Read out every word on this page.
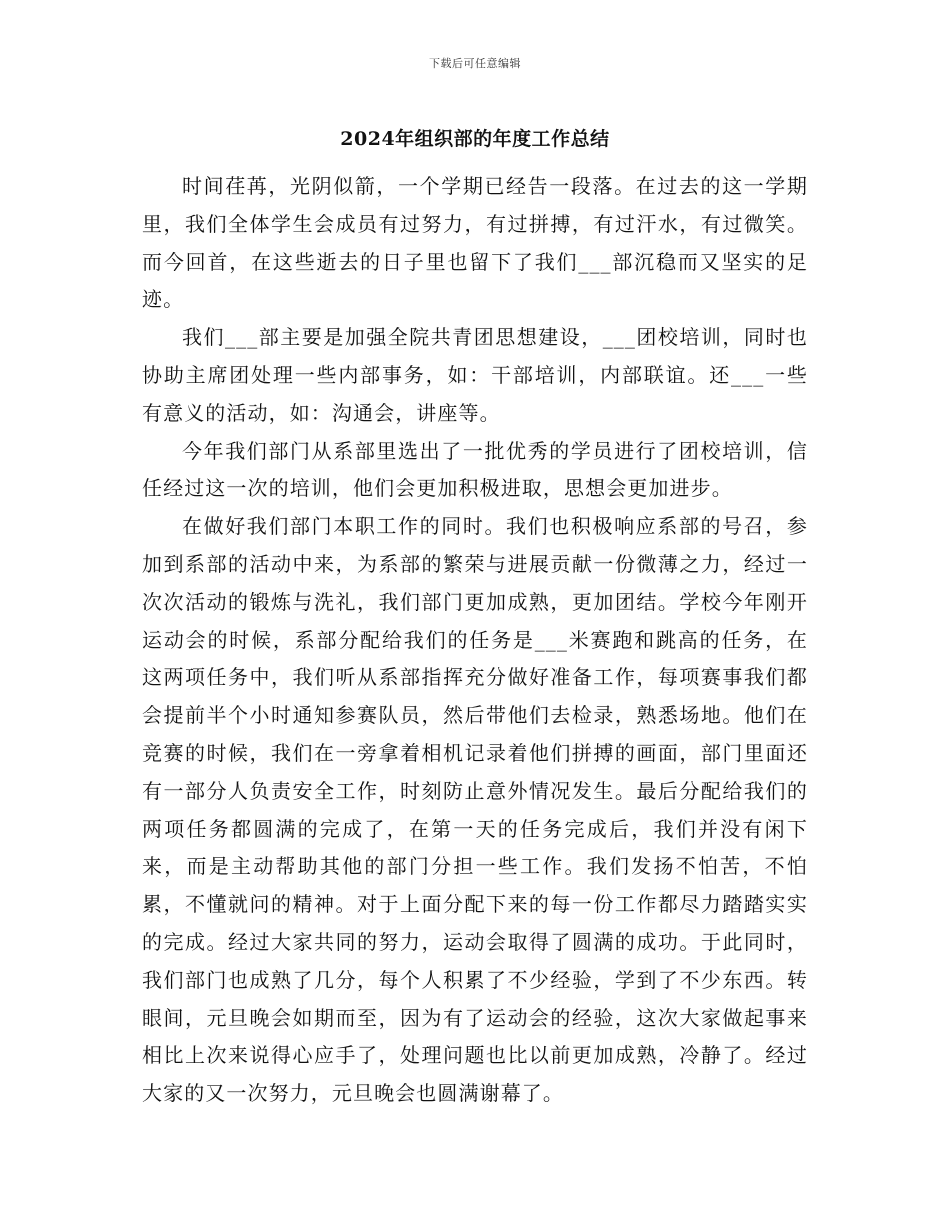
下载后可任意编辑
2024年组织部的年度工作总结

时间荏苒，光阴似箭，一个学期已经告一段落。在过去的这一学期里，我们全体学生会成员有过努力，有过拼搏，有过汗水，有过微笑。而今回首，在这些逝去的日子里也留下了我们___部沉稳而又坚实的足迹。

我们___部主要是加强全院共青团思想建设，___团校培训，同时也协助主席团处理一些内部事务，如：干部培训，内部联谊。还___一些有意义的活动，如：沟通会，讲座等。

今年我们部门从系部里选出了一批优秀的学员进行了团校培训，信任经过这一次的培训，他们会更加积极进取，思想会更加进步。

在做好我们部门本职工作的同时。我们也积极响应系部的号召，参加到系部的活动中来，为系部的繁荣与进展贡献一份微薄之力，经过一次次活动的锻炼与洗礼，我们部门更加成熟，更加团结。学校今年刚开运动会的时候，系部分配给我们的任务是___米赛跑和跳高的任务，在这两项任务中，我们听从系部指挥充分做好准备工作，每项赛事我们都会提前半个小时通知参赛队员，然后带他们去检录，熟悉场地。他们在竞赛的时候，我们在一旁拿着相机记录着他们拼搏的画面，部门里面还有一部分人负责安全工作，时刻防止意外情况发生。最后分配给我们的两项任务都圆满的完成了，在第一天的任务完成后，我们并没有闲下来，而是主动帮助其他的部门分担一些工作。我们发扬不怕苦，不怕累，不懂就问的精神。对于上面分配下来的每一份工作都尽力踏踏实实的完成。经过大家共同的努力，运动会取得了圆满的成功。于此同时，我们部门也成熟了几分，每个人积累了不少经验，学到了不少东西。转眼间，元旦晚会如期而至，因为有了运动会的经验，这次大家做起事来相比上次来说得心应手了，处理问题也比以前更加成熟，冷静了。经过大家的又一次努力，元旦晚会也圆满谢幕了。
